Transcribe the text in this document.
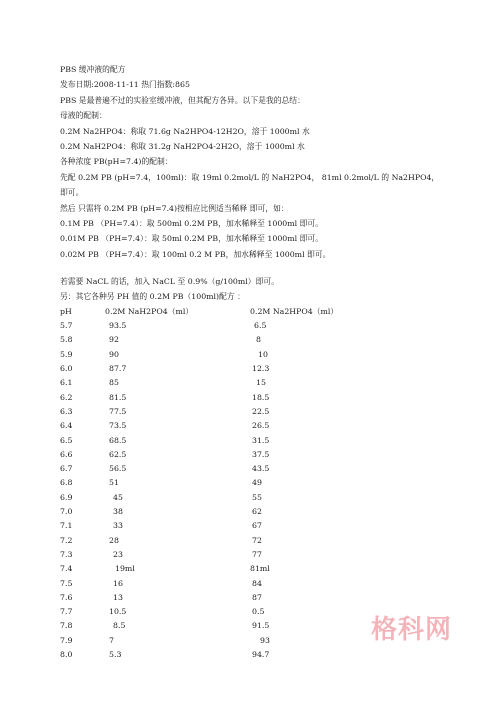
PBS 缓冲液的配方
发布日期:2008-11-11 热门指数:865
PBS 是最普遍不过的实验室缓冲液，但其配方各异。以下是我的总结：
母液的配制：
0.2M Na2HPO4：称取 71.6g Na2HPO4-12H2O，溶于 1000ml 水
0.2M NaH2PO4：称取 31.2g NaH2PO4-2H2O，溶于 1000ml 水
各种浓度 PB(pH=7.4)的配制：
先配 0.2M PB (pH=7.4，100ml)：取 19ml 0.2mol/L 的 NaH2PO4， 81ml 0.2mol/L 的 Na2HPO4，
即可。
然后 只需将 0.2M PB (pH=7.4)按相应比例适当稀释 即可，如：
0.1M PB （PH=7.4）：取 500ml 0.2M PB，加水稀释至 1000ml 即可。
0.01M PB （PH=7.4）：取 50ml 0.2M PB，加水稀释至 1000ml 即可。
0.02M PB （PH=7.4）：取 100ml 0.2 M PB，加水稀释至 1000ml 即可。
若需要 NaCL 的话，加入 NaCL 至 0.9%（g/100ml）即可。
另：其它各种另 PH 值的 0.2M PB（100ml)配方 ：
pH	0.2M NaH2PO4（ml）	0.2M Na2HPO4（ml）
5.7	93.5	6.5
5.8	92	8
5.9	90	10
6.0	87.7	12.3
6.1	85	15
6.2	81.5	18.5
6.3	77.5	22.5
6.4	73.5	26.5
6.5	68.5	31.5
6.6	62.5	37.5
6.7	56.5	43.5
6.8	51	49
6.9	45	55
7.0	38	62
7.1	33	67
7.2	28	72
7.3	23	77
7.4	19ml	81ml
7.5	16	84
7.6	13	87
7.7	10.5	0.5
7.8	8.5	91.5
7.9	7	93
8.0	5.3	94.7
格科网
